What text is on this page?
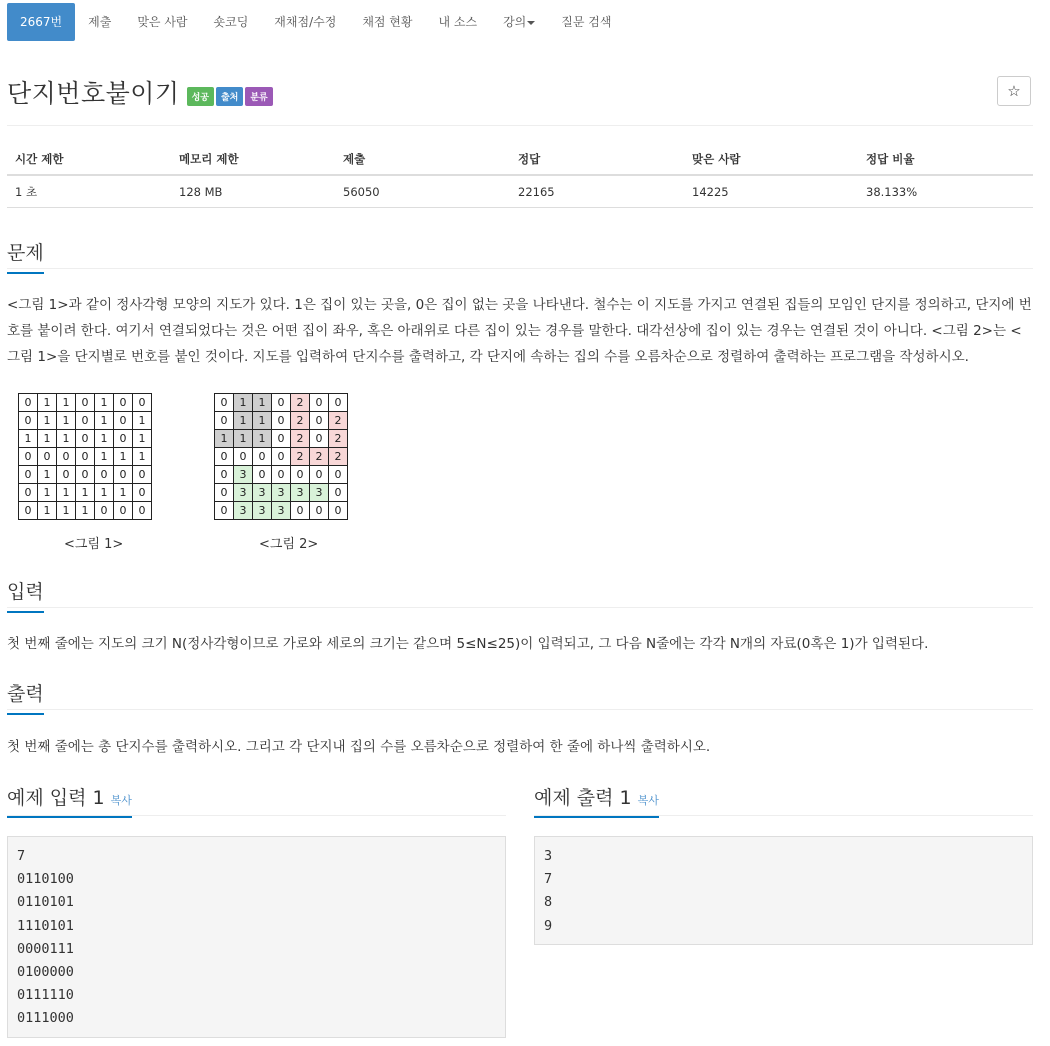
2667번	제출	맞은 사람	숏코딩	재채점/수정	채점 현황	내 소스	강의	질문 검색
단지번호붙이기	성공	출처	분류	☆
시간 제한	메모리 제한	제출	정답	맞은 사람	정답 비율
1 초	128 MB	56050	22165	14225	38.133%
문제
<그림 1>과 같이 정사각형 모양의 지도가 있다. 1은 집이 있는 곳을, 0은 집이 없는 곳을 나타낸다. 철수는 이 지도를 가지고 연결된 집들의 모임인 단지를 정의하고, 단지에 번호를 붙이려 한다. 여기서 연결되었다는 것은 어떤 집이 좌우, 혹은 아래위로 다른 집이 있는 경우를 말한다. 대각선상에 집이 있는 경우는 연결된 것이 아니다. <그림 2>는 <그림 1>을 단지별로 번호를 붙인 것이다. 지도를 입력하여 단지수를 출력하고, 각 단지에 속하는 집의 수를 오름차순으로 정렬하여 출력하는 프로그램을 작성하시오.
0	1	1	0	1	0	0
0	1	1	0	1	0	1
1	1	1	0	1	0	1
0	0	0	0	1	1	1
0	1	0	0	0	0	0
0	1	1	1	1	1	0
0	1	1	1	0	0	0
<그림 1>
0	1	1	0	2	0	0
0	1	1	0	2	0	2
1	1	1	0	2	0	2
0	0	0	0	2	2	2
0	3	0	0	0	0	0
0	3	3	3	3	3	0
0	3	3	3	0	0	0
<그림 2>
입력
첫 번째 줄에는 지도의 크기 N(정사각형이므로 가로와 세로의 크기는 같으며 5≤N≤25)이 입력되고, 그 다음 N줄에는 각각 N개의 자료(0혹은 1)가 입력된다.
출력
첫 번째 줄에는 총 단지수를 출력하시오. 그리고 각 단지내 집의 수를 오름차순으로 정렬하여 한 줄에 하나씩 출력하시오.
예제 입력 1 복사
7
0110100
0110101
1110101
0000111
0100000
0111110
0111000
예제 출력 1 복사
3
7
8
9
